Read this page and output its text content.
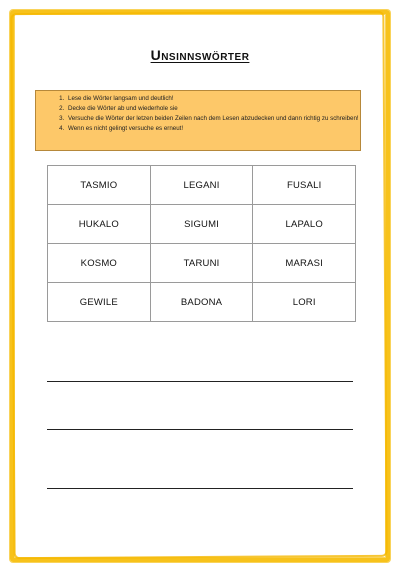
Unsinnswörter
1. Lese die Wörter langsam und deutlich!
2. Decke die Wörter ab und wiederhole sie
3. Versuche die Wörter der letzen beiden Zeilen nach dem Lesen abzudecken und dann richtig zu schreiben!
4. Wenn es nicht gelingt versuche es erneut!
TASMIO	LEGANI	FUSALI
HUKALO	SIGUMI	LAPALO
KOSMO	TARUNI	MARASI
GEWILE	BADONA	LORI
